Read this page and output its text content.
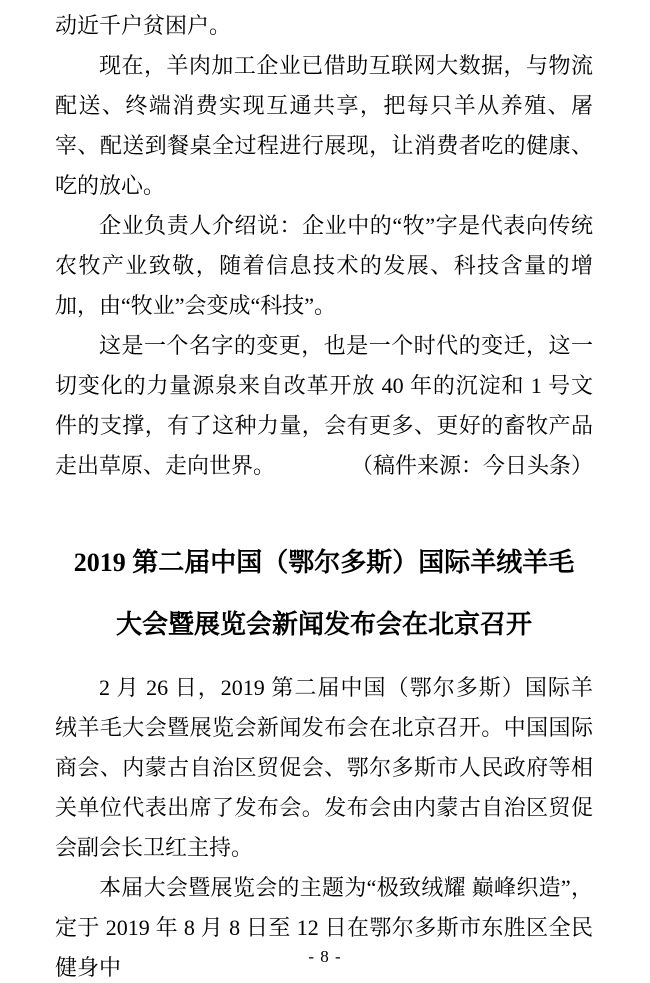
动近千户贫困户。

现在，羊肉加工企业已借助互联网大数据，与物流配送、终端消费实现互通共享，把每只羊从养殖、屠宰、配送到餐桌全过程进行展现，让消费者吃的健康、吃的放心。

企业负责人介绍说：企业中的“牧”字是代表向传统农牧产业致敬，随着信息技术的发展、科技含量的增加，由“牧业”会变成“科技”。

这是一个名字的变更，也是一个时代的变迁，这一切变化的力量源泉来自改革开放 40 年的沉淀和 1 号文件的支撑，有了这种力量，会有更多、更好的畜牧产品走出草原、走向世界。	（稿件来源：今日头条）

2019 第二届中国（鄂尔多斯）国际羊绒羊毛
大会暨展览会新闻发布会在北京召开

2 月 26 日，2019 第二届中国（鄂尔多斯）国际羊绒羊毛大会暨展览会新闻发布会在北京召开。中国国际商会、内蒙古自治区贸促会、鄂尔多斯市人民政府等相关单位代表出席了发布会。发布会由内蒙古自治区贸促会副会长卫红主持。

本届大会暨展览会的主题为“极致绒耀 巅峰织造”，定于 2019 年 8 月 8 日至 12 日在鄂尔多斯市东胜区全民健身中	- 8 -
